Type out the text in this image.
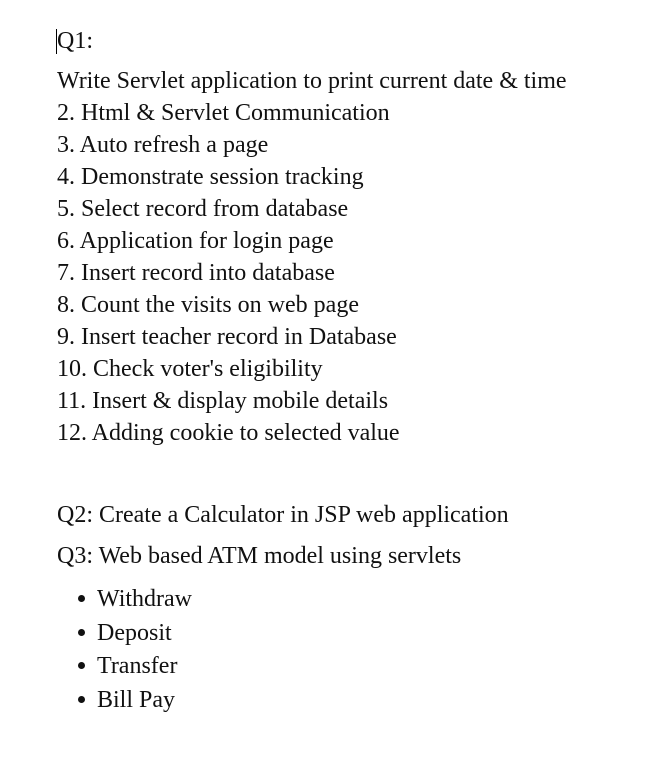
Q1:
Write Servlet application to print current date & time
2. Html & Servlet Communication
3. Auto refresh a page
4. Demonstrate session tracking
5. Select record from database
6. Application for login page
7. Insert record into database
8. Count the visits on web page
9. Insert teacher record in Database
10. Check voter's eligibility
11. Insert & display mobile details
12. Adding cookie to selected value
Q2: Create a Calculator in JSP web application
Q3: Web based ATM model using servlets
Withdraw
Deposit
Transfer
Bill Pay
